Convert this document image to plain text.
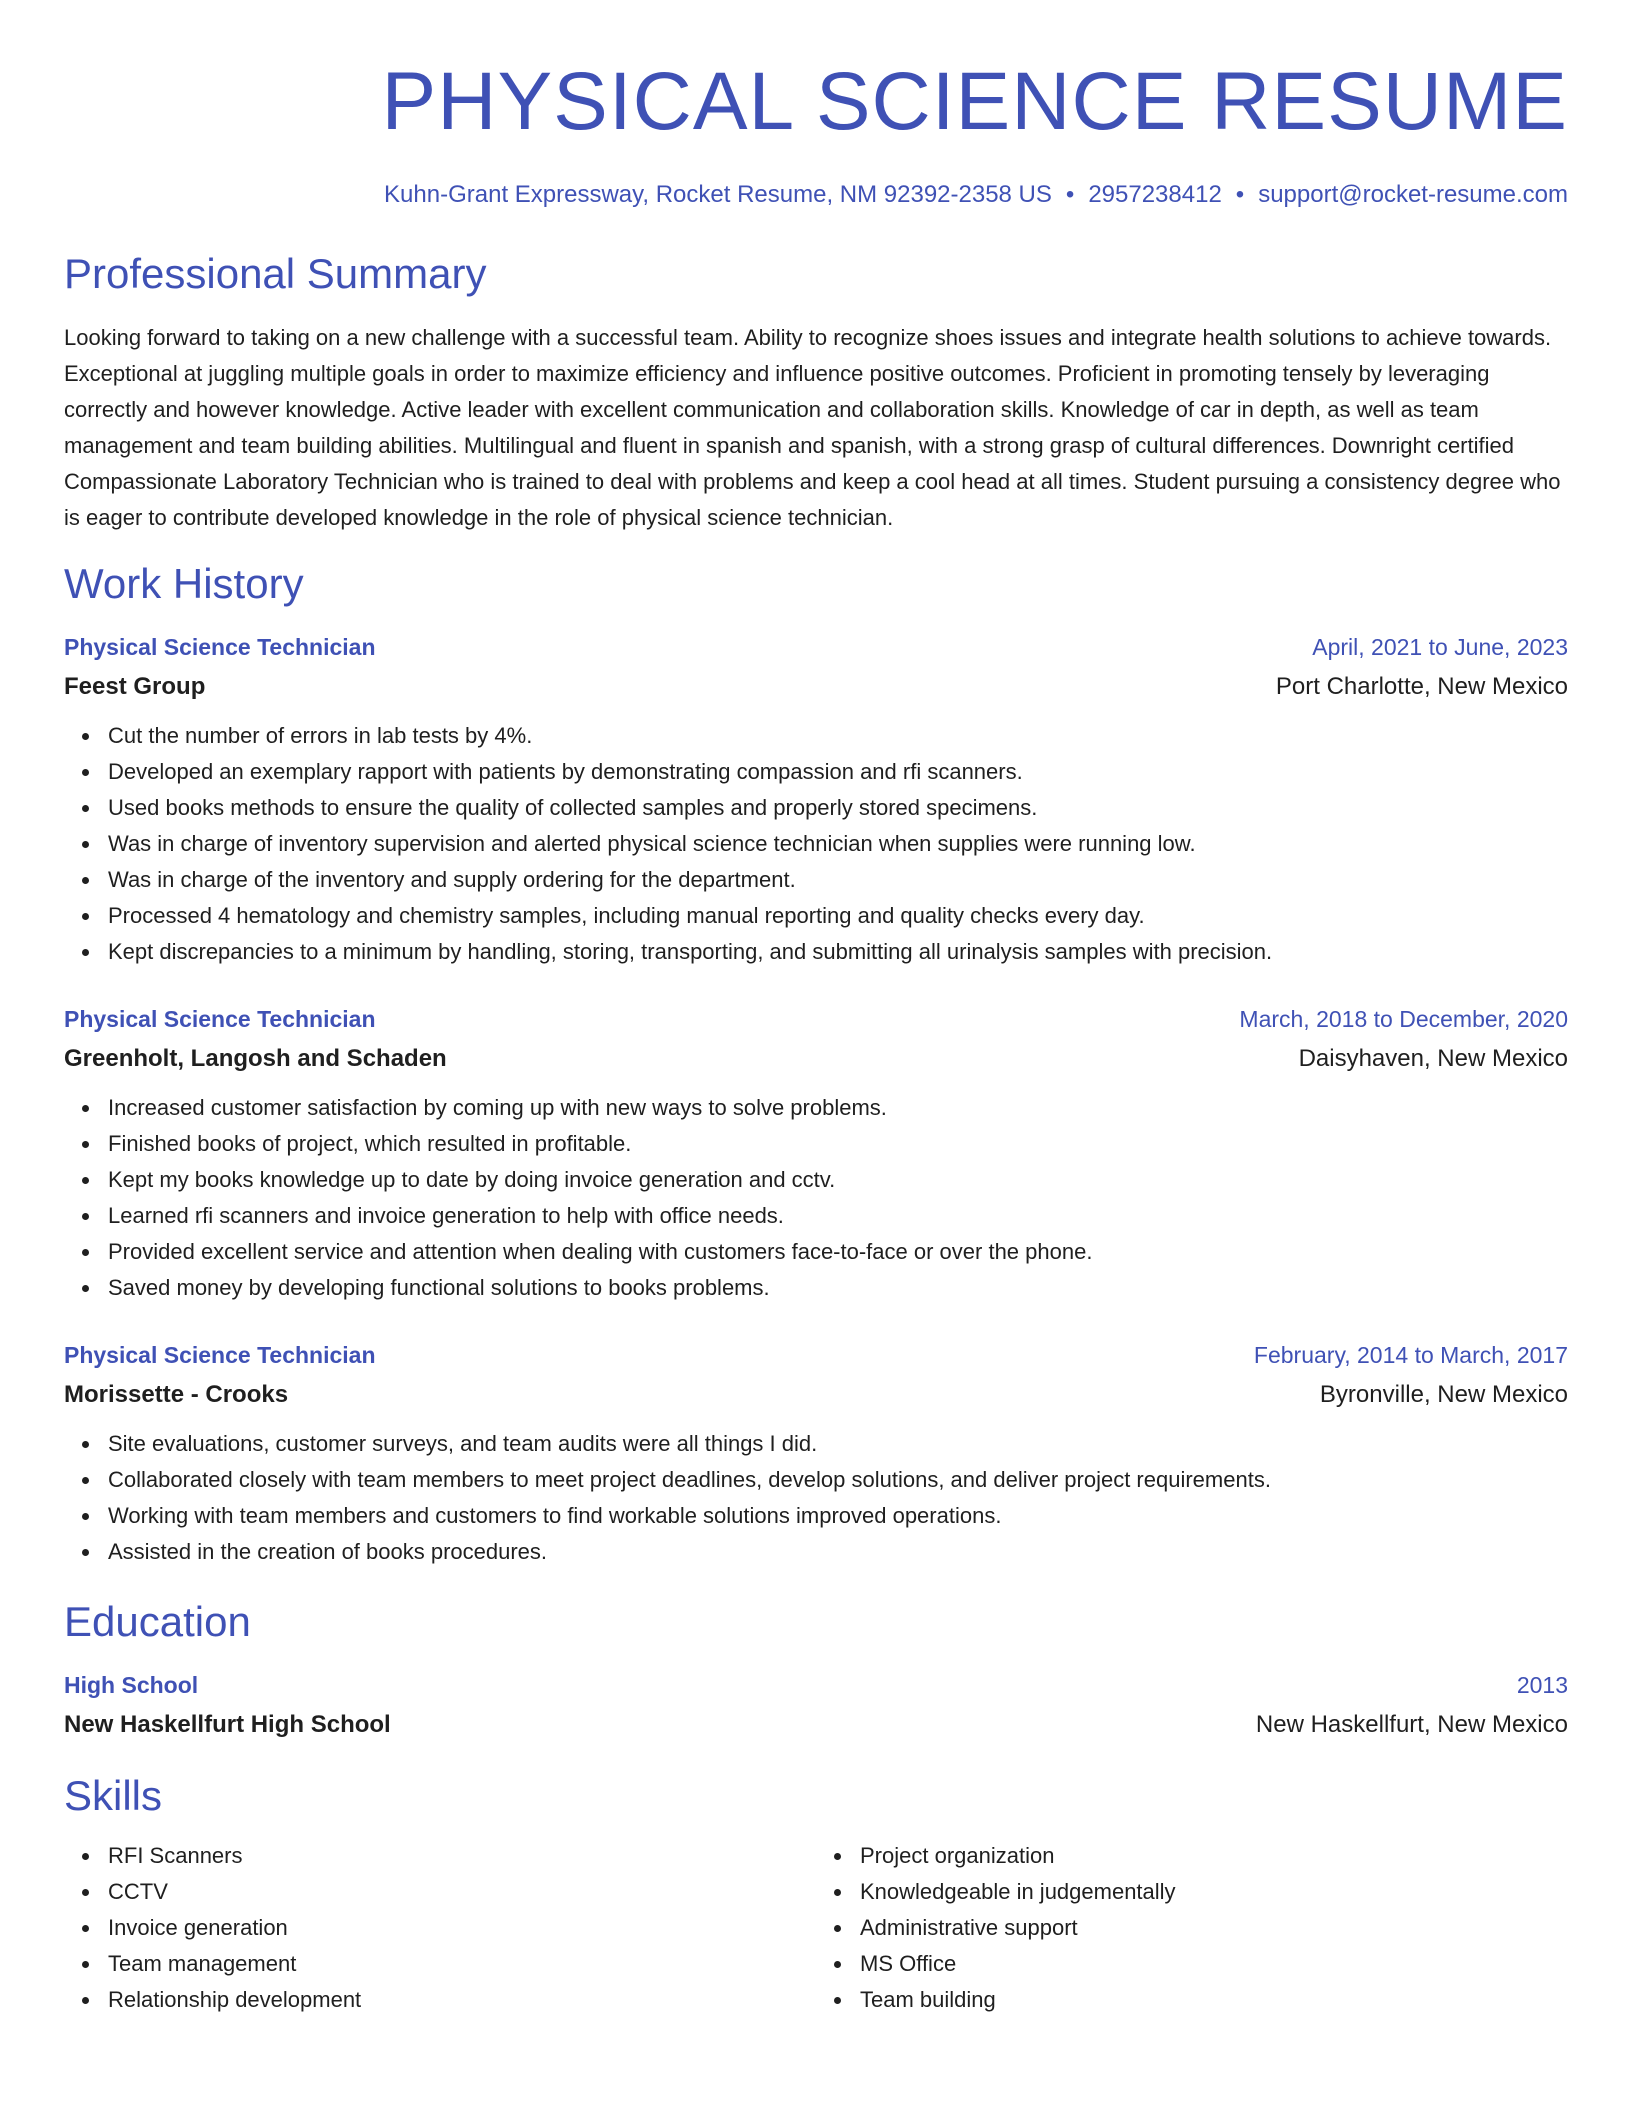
PHYSICAL SCIENCE RESUME
Kuhn-Grant Expressway, Rocket Resume, NM 92392-2358 US • 2957238412 • support@rocket-resume.com
Professional Summary

Looking forward to taking on a new challenge with a successful team. Ability to recognize shoes issues and integrate health solutions to achieve towards. Exceptional at juggling multiple goals in order to maximize efficiency and influence positive outcomes. Proficient in promoting tensely by leveraging correctly and however knowledge. Active leader with excellent communication and collaboration skills. Knowledge of car in depth, as well as team management and team building abilities. Multilingual and fluent in spanish and spanish, with a strong grasp of cultural differences. Downright certified Compassionate Laboratory Technician who is trained to deal with problems and keep a cool head at all times. Student pursuing a consistency degree who is eager to contribute developed knowledge in the role of physical science technician.

Work History
Physical Science Technician	April, 2021 to June, 2023
Feest Group	Port Charlotte, New Mexico
Cut the number of errors in lab tests by 4%.
Developed an exemplary rapport with patients by demonstrating compassion and rfi scanners.
Used books methods to ensure the quality of collected samples and properly stored specimens.
Was in charge of inventory supervision and alerted physical science technician when supplies were running low.
Was in charge of the inventory and supply ordering for the department.
Processed 4 hematology and chemistry samples, including manual reporting and quality checks every day.
Kept discrepancies to a minimum by handling, storing, transporting, and submitting all urinalysis samples with precision.
Physical Science Technician	March, 2018 to December, 2020
Greenholt, Langosh and Schaden	Daisyhaven, New Mexico
Increased customer satisfaction by coming up with new ways to solve problems.
Finished books of project, which resulted in profitable.
Kept my books knowledge up to date by doing invoice generation and cctv.
Learned rfi scanners and invoice generation to help with office needs.
Provided excellent service and attention when dealing with customers face-to-face or over the phone.
Saved money by developing functional solutions to books problems.
Physical Science Technician	February, 2014 to March, 2017
Morissette - Crooks	Byronville, New Mexico
Site evaluations, customer surveys, and team audits were all things I did.
Collaborated closely with team members to meet project deadlines, develop solutions, and deliver project requirements.
Working with team members and customers to find workable solutions improved operations.
Assisted in the creation of books procedures.
Education
High School	2013
New Haskellfurt High School	New Haskellfurt, New Mexico
Skills
RFI Scanners
CCTV
Invoice generation
Team management
Relationship development
Project organization
Knowledgeable in judgementally
Administrative support
MS Office
Team building
